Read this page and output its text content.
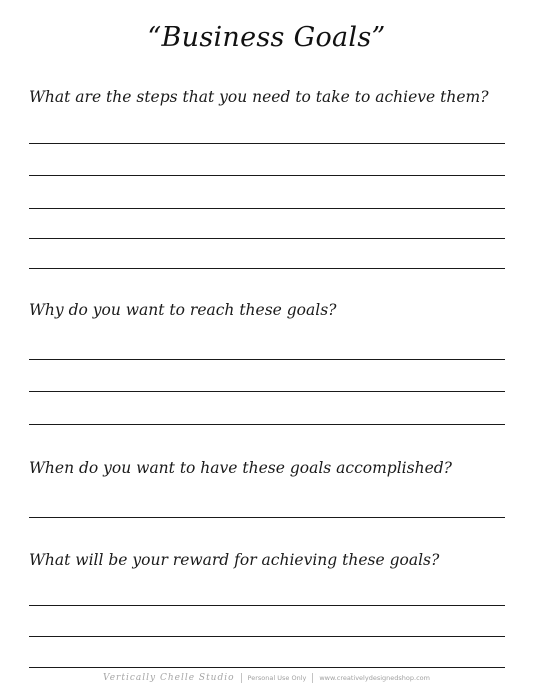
“Business Goals”
What are the steps that you need to take to achieve them?
Why do you want to reach these goals?
When do you want to have these goals accomplished?
What will be your reward for achieving these goals?
Vertically Chelle Studio Personal Use Only www.creativelydesignedshop.com
